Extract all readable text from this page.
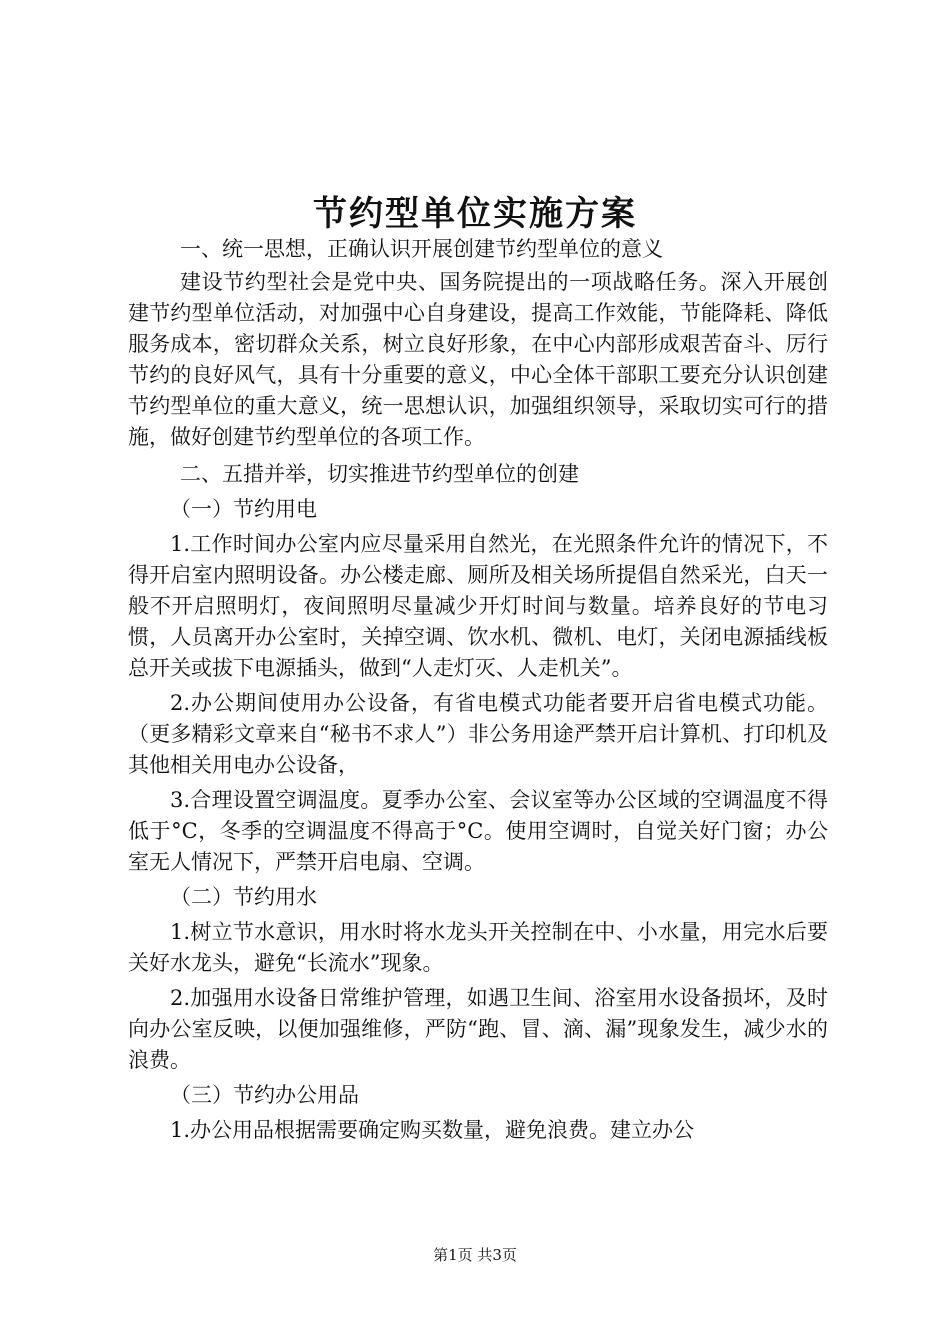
节约型单位实施方案

一、统一思想，正确认识开展创建节约型单位的意义

建设节约型社会是党中央、国务院提出的一项战略任务。深入开展创建节约型单位活动，对加强中心自身建设，提高工作效能，节能降耗、降低服务成本，密切群众关系，树立良好形象，在中心内部形成艰苦奋斗、厉行节约的良好风气，具有十分重要的意义，中心全体干部职工要充分认识创建节约型单位的重大意义，统一思想认识，加强组织领导，采取切实可行的措施，做好创建节约型单位的各项工作。

二、五措并举，切实推进节约型单位的创建

（一）节约用电

1.工作时间办公室内应尽量采用自然光，在光照条件允许的情况下，不得开启室内照明设备。办公楼走廊、厕所及相关场所提倡自然采光，白天一般不开启照明灯，夜间照明尽量减少开灯时间与数量。培养良好的节电习惯，人员离开办公室时，关掉空调、饮水机、微机、电灯，关闭电源插线板总开关或拔下电源插头，做到“人走灯灭、人走机关”。

2.办公期间使用办公设备，有省电模式功能者要开启省电模式功能。（更多精彩文章来自“秘书不求人”）非公务用途严禁开启计算机、打印机及其他相关用电办公设备，

3.合理设置空调温度。夏季办公室、会议室等办公区域的空调温度不得低于°C，冬季的空调温度不得高于°C。使用空调时，自觉关好门窗；办公室无人情况下，严禁开启电扇、空调。

（二）节约用水

1.树立节水意识，用水时将水龙头开关控制在中、小水量，用完水后要关好水龙头，避免“长流水”现象。

2.加强用水设备日常维护管理，如遇卫生间、浴室用水设备损坏，及时向办公室反映，以便加强维修，严防“跑、冒、滴、漏”现象发生，减少水的浪费。

（三）节约办公用品

1.办公用品根据需要确定购买数量，避免浪费。建立办公

第1页 共3页
